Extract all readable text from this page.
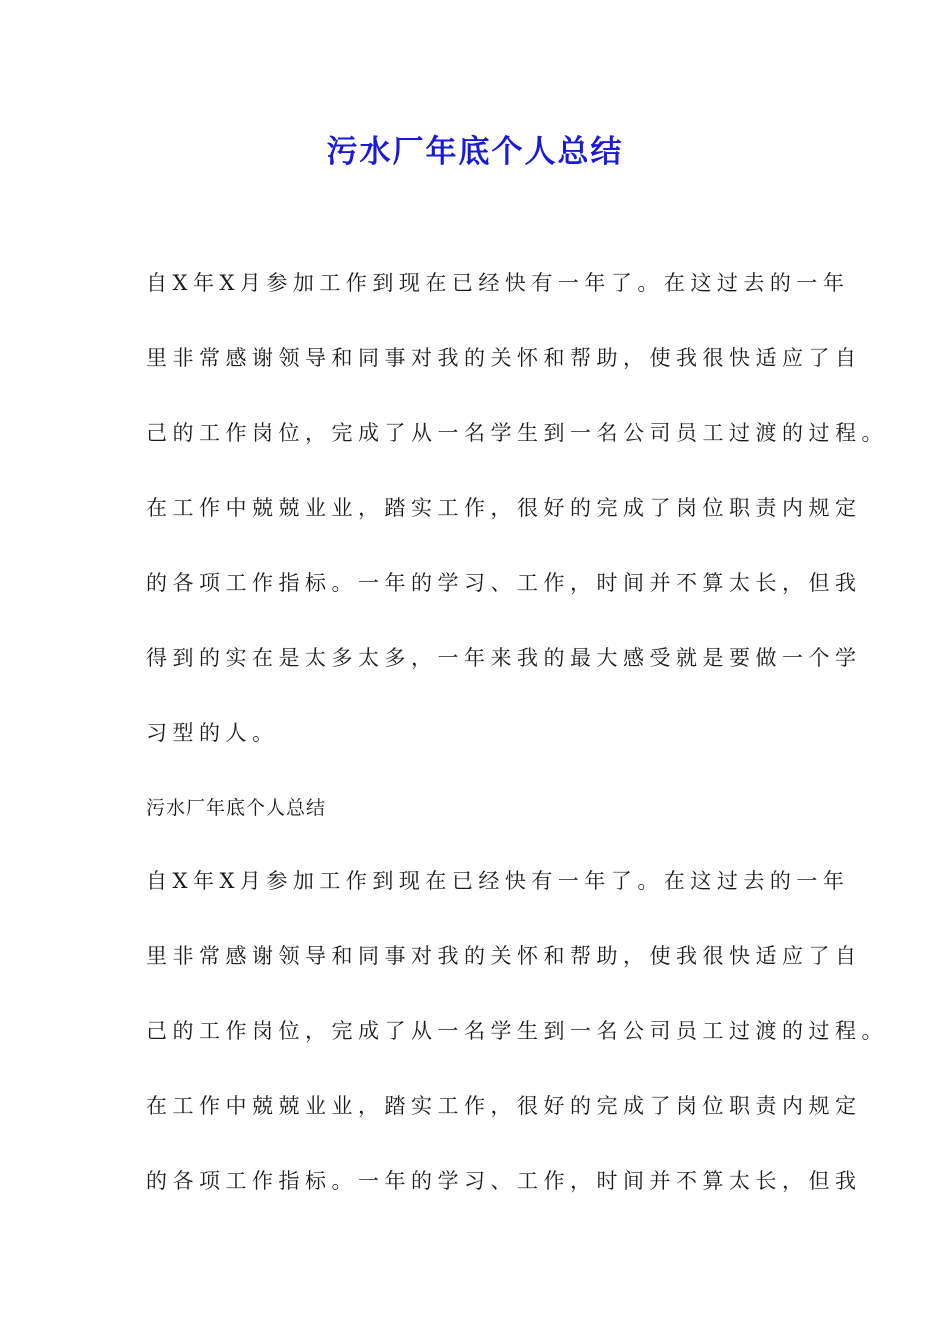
污水厂年底个人总结
自X年X月参加工作到现在已经快有一年了。在这过去的一年
里非常感谢领导和同事对我的关怀和帮助，使我很快适应了自
己的工作岗位，完成了从一名学生到一名公司员工过渡的过程。
在工作中兢兢业业，踏实工作，很好的完成了岗位职责内规定
的各项工作指标。一年的学习、工作，时间并不算太长，但我
得到的实在是太多太多，一年来我的最大感受就是要做一个学
习型的人。
污水厂年底个人总结
自X年X月参加工作到现在已经快有一年了。在这过去的一年
里非常感谢领导和同事对我的关怀和帮助，使我很快适应了自
己的工作岗位，完成了从一名学生到一名公司员工过渡的过程。
在工作中兢兢业业，踏实工作，很好的完成了岗位职责内规定
的各项工作指标。一年的学习、工作，时间并不算太长，但我
